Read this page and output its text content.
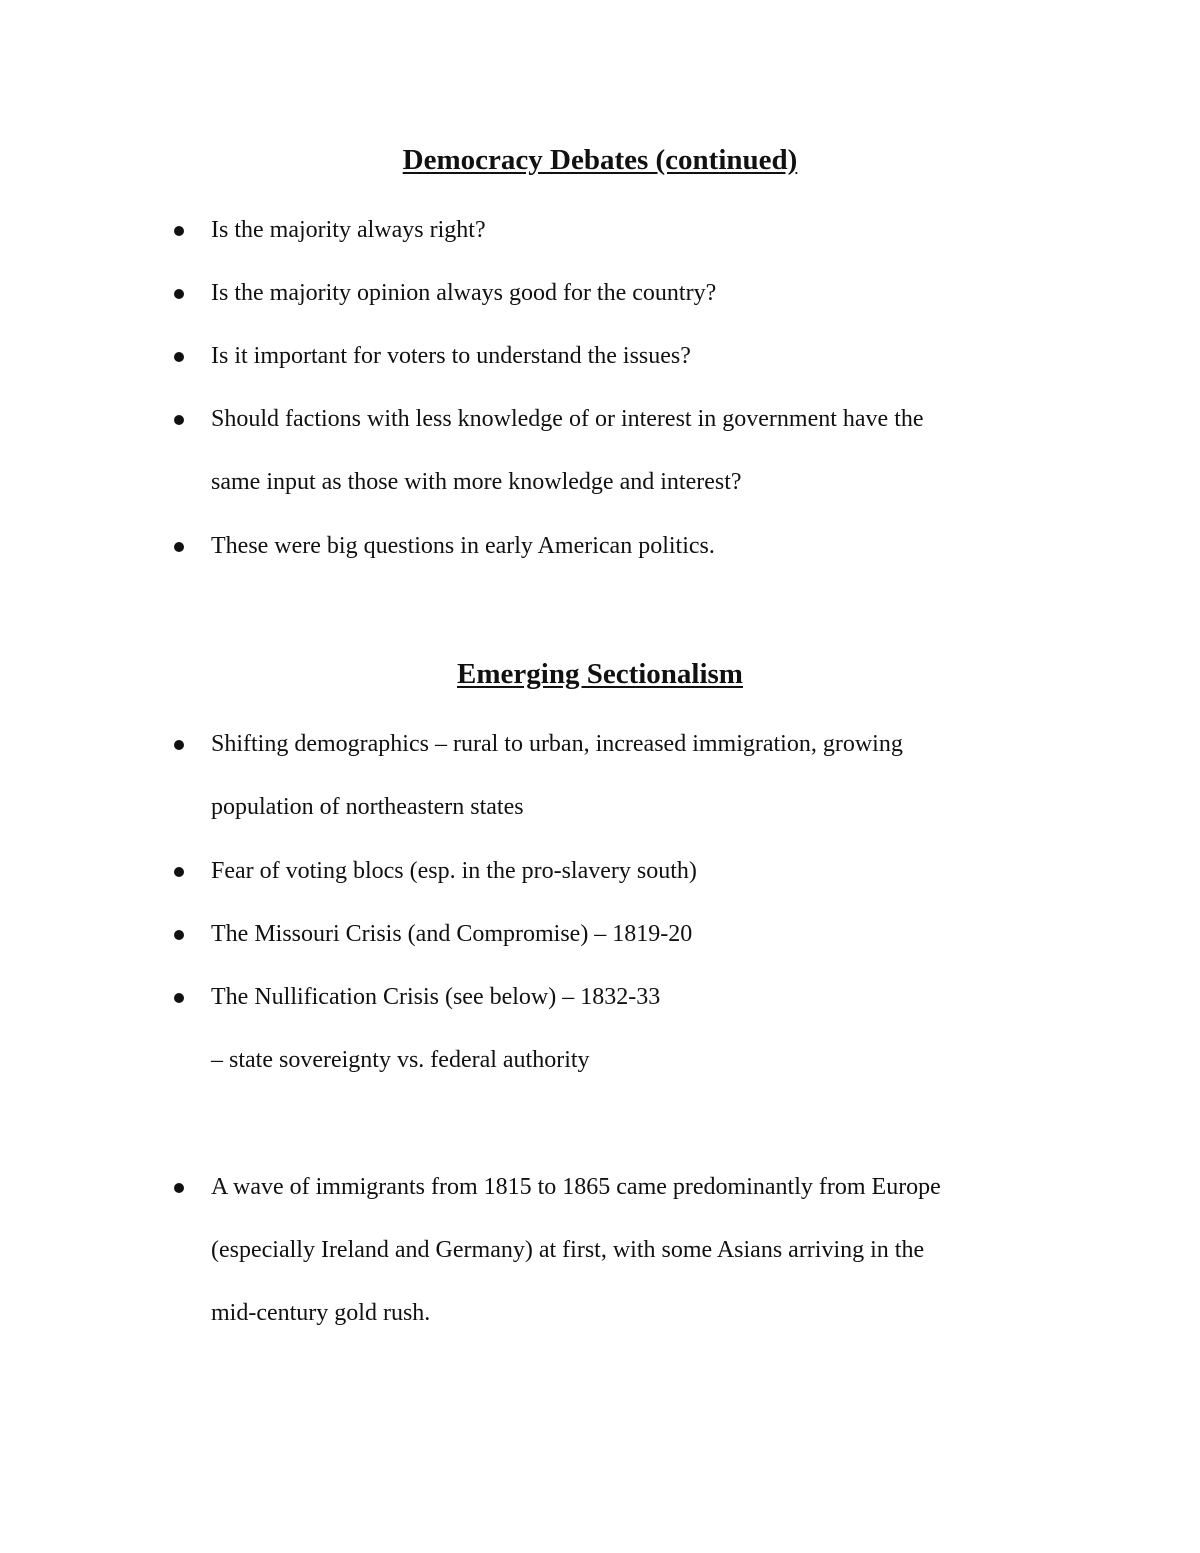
Democracy Debates (continued)

Is the majority always right?

Is the majority opinion always good for the country?

Is it important for voters to understand the issues?

Should factions with less knowledge of or interest in government have the

same input as those with more knowledge and interest?

These were big questions in early American politics.

Emerging Sectionalism

Shifting demographics – rural to urban, increased immigration, growing

population of northeastern states

Fear of voting blocs (esp. in the pro-slavery south)

The Missouri Crisis (and Compromise) – 1819-20

The Nullification Crisis (see below) – 1832-33

– state sovereignty vs. federal authority

A wave of immigrants from 1815 to 1865 came predominantly from Europe

(especially Ireland and Germany) at first, with some Asians arriving in the

mid-century gold rush.
